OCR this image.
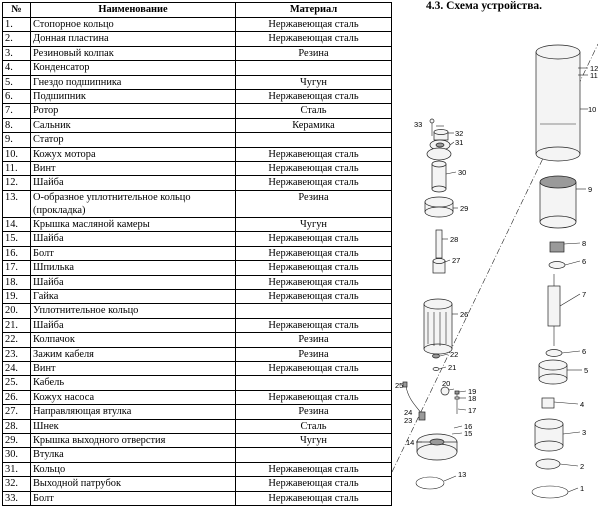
№	Наименование	Материал
1.	Стопорное кольцо	Нержавеющая сталь
2.	Донная пластина	Нержавеющая сталь
3.	Резиновый колпак	Резина
4.	Конденсатор	
5.	Гнездо подшипника	Чугун
6.	Подшипник	Нержавеющая сталь
7.	Ротор	Сталь
8.	Сальник	Керамика
9.	Статор	
10.	Кожух мотора	Нержавеющая сталь
11.	Винт	Нержавеющая сталь
12.	Шайба	Нержавеющая сталь
13.	О-образное уплотнительное кольцо (прокладка)	Резина
14.	Крышка масляной камеры	Чугун
15.	Шайба	Нержавеющая сталь
16.	Болт	Нержавеющая сталь
17.	Шпилька	Нержавеющая сталь
18.	Шайба	Нержавеющая сталь
19.	Гайка	Нержавеющая сталь
20.	Уплотнительное кольцо	
21.	Шайба	Нержавеющая сталь
22.	Колпачок	Резина
23.	Зажим кабеля	Резина
24.	Винт	Нержавеющая сталь
25.	Кабель	
26.	Кожух насоса	Нержавеющая сталь
27.	Направляющая втулка	Резина
28.	Шнек	Сталь
29.	Крышка выходного отверстия	Чугун
30.	Втулка	
31.	Кольцо	Нержавеющая сталь
32.	Выходной патрубок	Нержавеющая сталь
33.	Болт	Нержавеющая сталь
4.3. Схема устройства.
12
11
10
9
8
6
7
6
5
4
3
2
1
33
32
31
30
29
28
27
26
22
21
20
19
18
17
16
15
14
13
25
24
23
